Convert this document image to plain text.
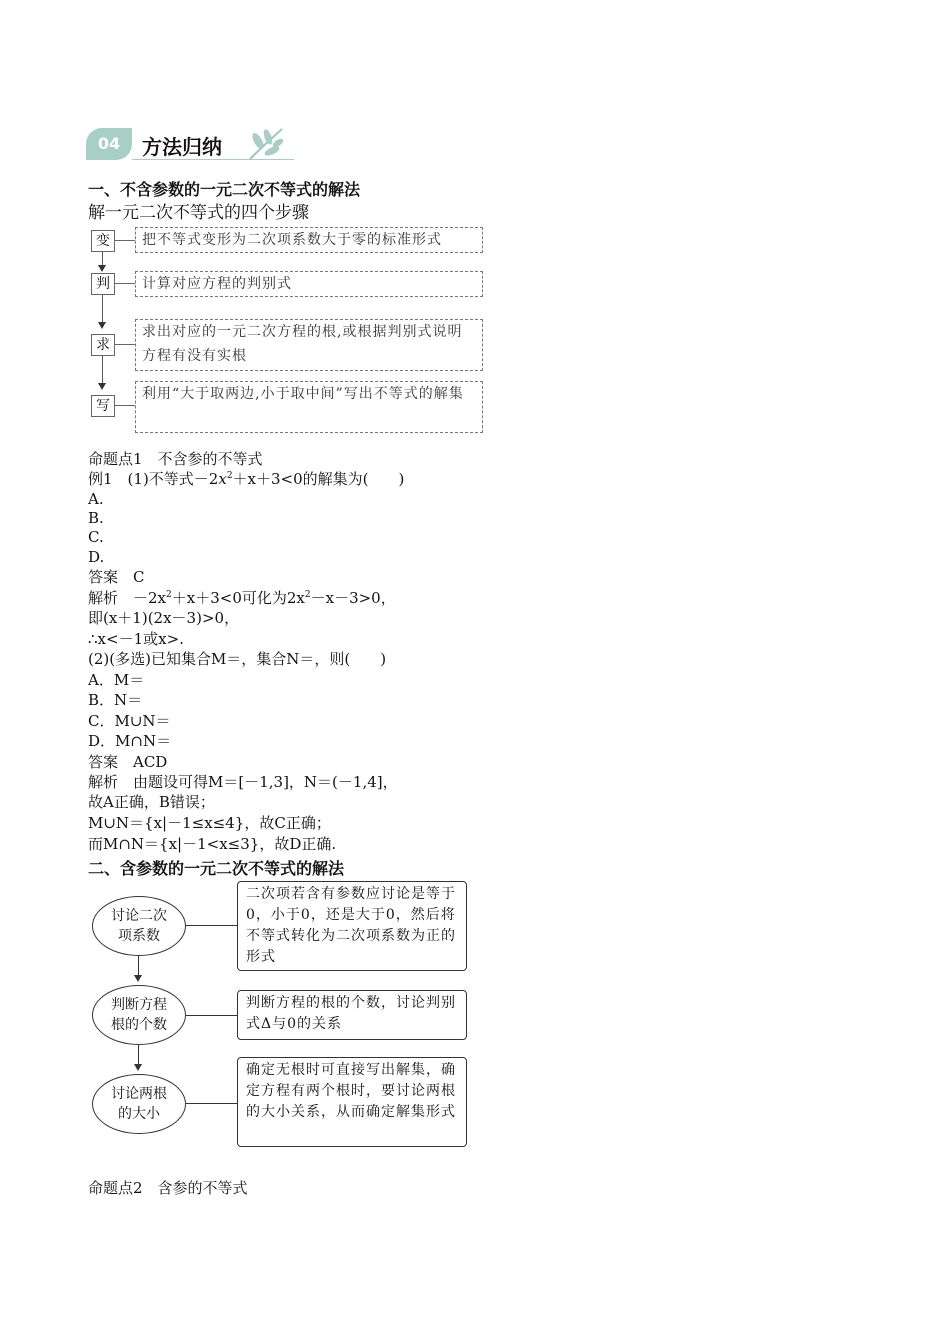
04	方法归纳
一、不含参数的一元二次不等式的解法
解一元二次不等式的四个步骤
变	把不等式变形为二次项系数大于零的标准形式
判	计算对应方程的判别式
求
求出对应的一元二次方程的根,或根据判别式说明方程有没有实根
写
利用“大于取两边,小于取中间”写出不等式的解集
命题点1　不含参的不等式
例1　(1)不等式$-2x^2+x+3<0$的解集为(　　)
A.
B.
C.
D.
答案　C
解析　$-2x^2+x+3<0$可化为$2x^2-x-3>0$，
即(x＋1)(2x－3)>0，
∴x<－1或x>.
(2)(多选)已知集合M＝，集合N＝，则(　　)
A．M＝
B．N＝
C．M∪N＝
D．M∩N＝
答案　ACD
解析　由题设可得M＝[－1,3]，N＝(－1,4]，
故A正确，B错误；
M∪N＝{x|－1≤x≤4}，故C正确；
而M∩N＝{x|－1<x≤3}，故D正确.
二、含参数的一元二次不等式的解法
讨论二次
项系数
二次项若含有参数应讨论是等于0，小于0，还是大于0，然后将不等式转化为二次项系数为正的形式
判断方程
根的个数
判断方程的根的个数，讨论判别式Δ与0的关系
讨论两根
的大小
确定无根时可直接写出解集，确定方程有两个根时，要讨论两根的大小关系，从而确定解集形式
命题点2　含参的不等式
